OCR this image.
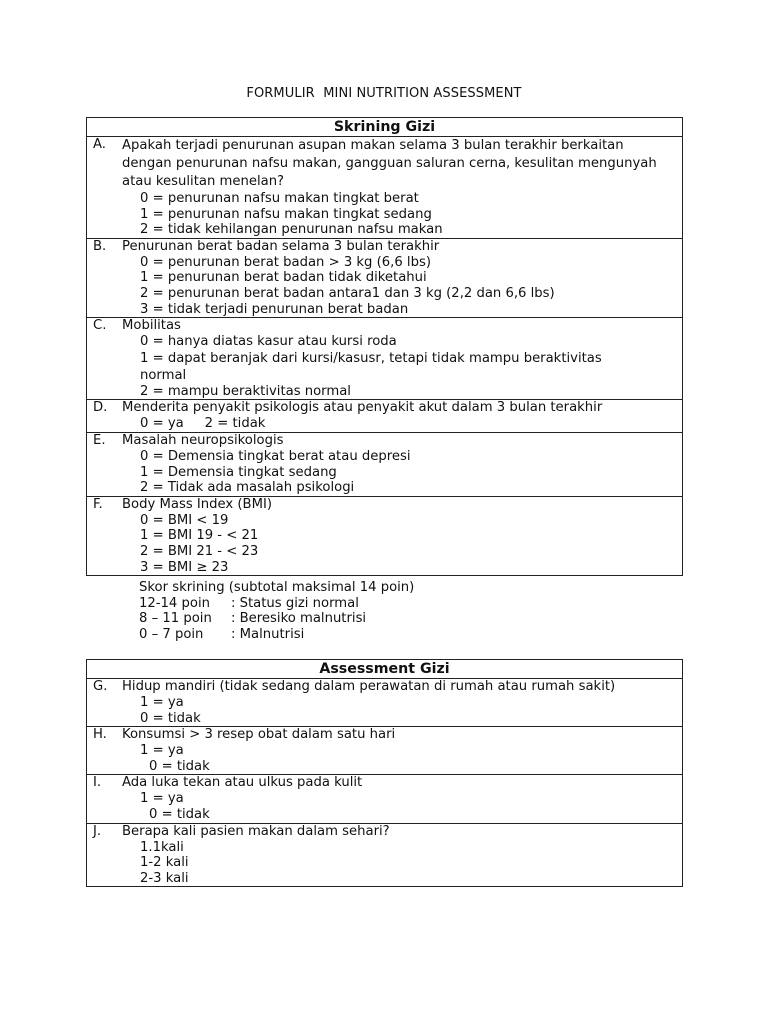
FORMULIR  MINI NUTRITION ASSESSMENT
Skrining Gizi

A.	Apakah terjadi penurunan asupan makan selama 3 bulan terakhir berkaitan dengan penurunan nafsu makan, gangguan saluran cerna, kesulitan mengunyah atau kesulitan menelan?
0 = penurunan nafsu makan tingkat berat
1 = penurunan nafsu makan tingkat sedang
2 = tidak kehilangan penurunan nafsu makan

B.	Penurunan berat badan selama 3 bulan terakhir
0 = penurunan berat badan > 3 kg (6,6 lbs)
1 = penurunan berat badan tidak diketahui
2 = penurunan berat badan antara1 dan 3 kg (2,2 dan 6,6 lbs)
3 = tidak terjadi penurunan berat badan

C.	Mobilitas
0 = hanya diatas kasur atau kursi roda
1 = dapat beranjak dari kursi/kasusr, tetapi tidak mampu beraktivitas normal
2 = mampu beraktivitas normal

D.	Menderita penyakit psikologis atau penyakit akut dalam 3 bulan terakhir
0 = ya     2 = tidak

E.	Masalah neuropsikologis
0 = Demensia tingkat berat atau depresi
1 = Demensia tingkat sedang
2 = Tidak ada masalah psikologi

F.	Body Mass Index (BMI)
0 = BMI < 19
1 = BMI 19 - < 21
2 = BMI 21 - < 23
3 = BMI ≥ 23
Skor skrining (subtotal maksimal 14 poin)
12-14 poin	: Status gizi normal
8 – 11 poin	: Beresiko malnutrisi
0 – 7 poin	: Malnutrisi
Assessment Gizi

G.	Hidup mandiri (tidak sedang dalam perawatan di rumah atau rumah sakit)
1 = ya
0 = tidak

H.	Konsumsi > 3 resep obat dalam satu hari
1 = ya
0 = tidak

I.	Ada luka tekan atau ulkus pada kulit
1 = ya
0 = tidak

J.	Berapa kali pasien makan dalam sehari?
1.1kali
1-2 kali
2-3 kali
